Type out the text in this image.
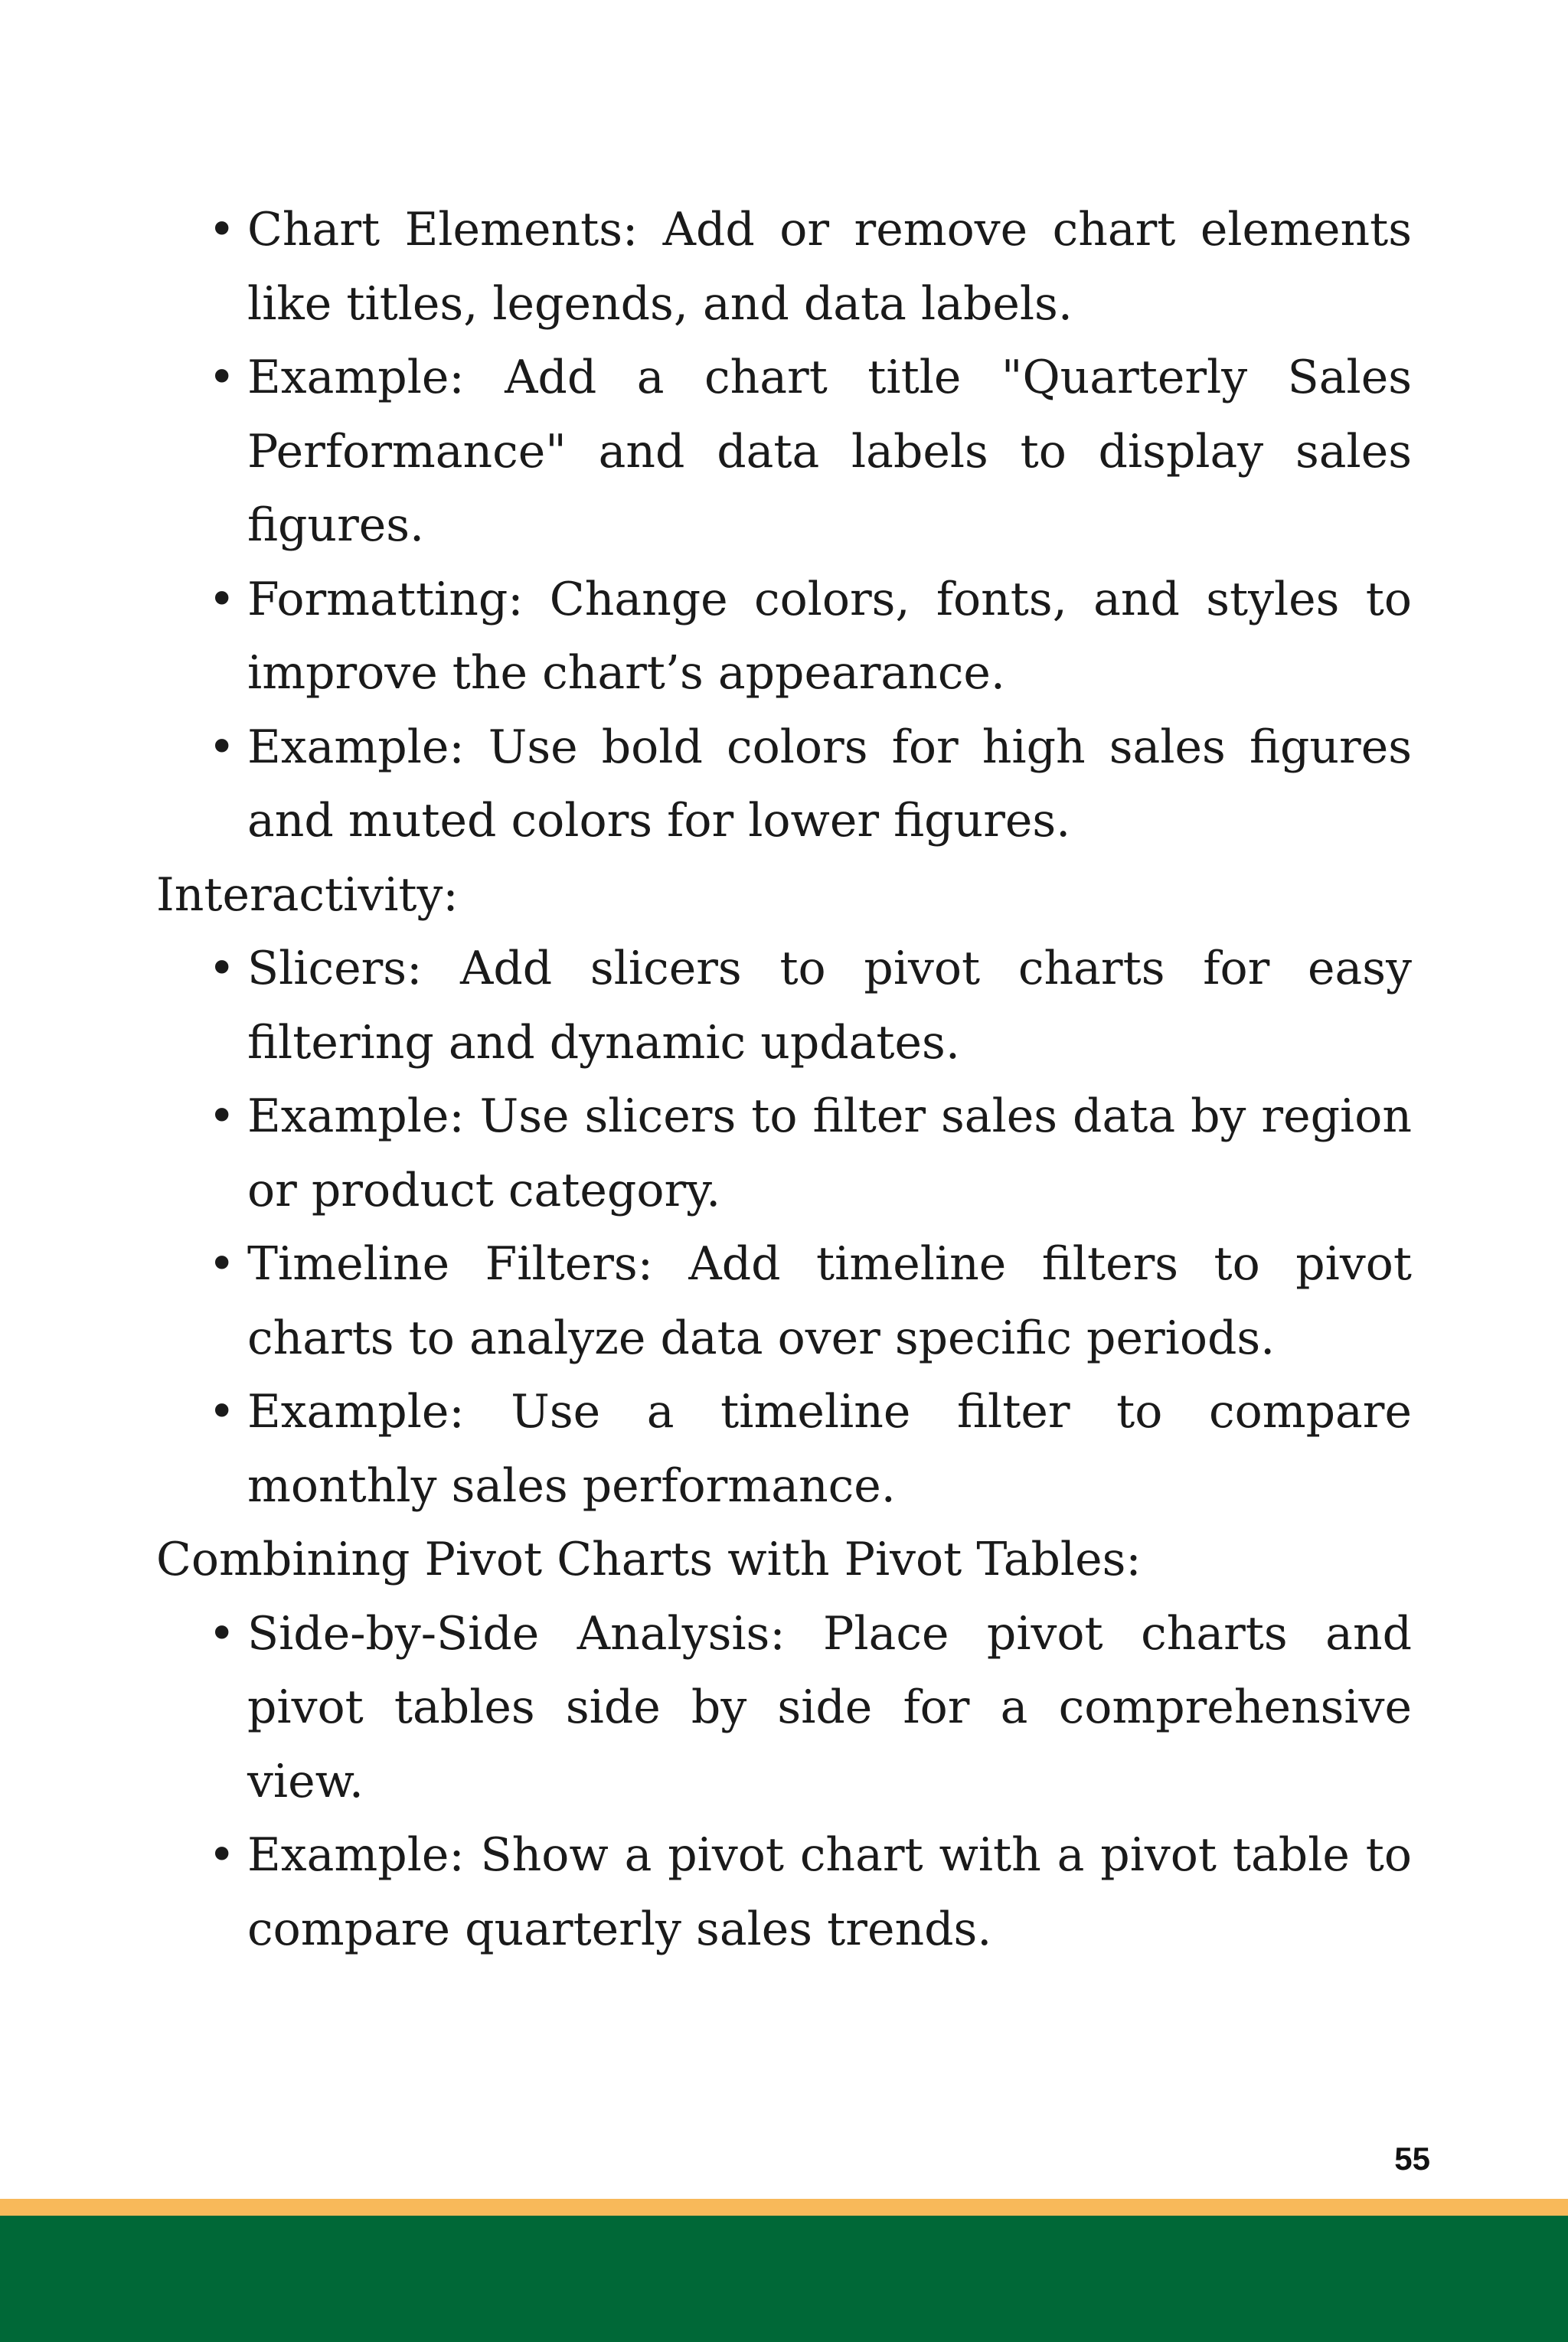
• Chart Elements: Add or remove chart elements like titles, legends, and data labels.
• Example: Add a chart title "Quarterly Sales Performance" and data labels to display sales figures.
• Formatting: Change colors, fonts, and styles to improve the chart’s appearance.
• Example: Use bold colors for high sales figures and muted colors for lower figures.

Interactivity:

• Slicers: Add slicers to pivot charts for easy filtering and dynamic updates.
• Example: Use slicers to filter sales data by region or product category.
• Timeline Filters: Add timeline filters to pivot charts to analyze data over specific periods.
• Example: Use a timeline filter to compare monthly sales performance.

Combining Pivot Charts with Pivot Tables:

• Side-by-Side Analysis: Place pivot charts and pivot tables side by side for a comprehensive view.
• Example: Show a pivot chart with a pivot table to compare quarterly sales trends.
55
